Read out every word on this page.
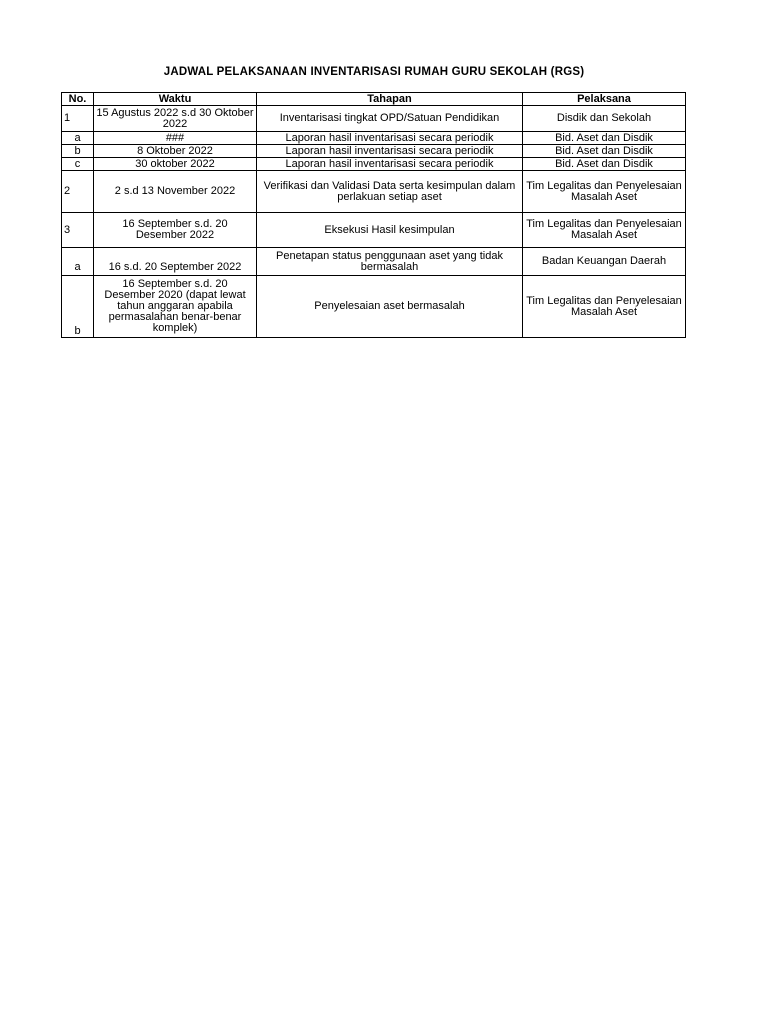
JADWAL PELAKSANAAN INVENTARISASI RUMAH GURU SEKOLAH (RGS)
No.	Waktu	Tahapan	Pelaksana
1	15 Agustus 2022 s.d 30 Oktober 2022	Inventarisasi tingkat OPD/Satuan Pendidikan	Disdik dan Sekolah
a	###	Laporan hasil inventarisasi secara periodik	Bid. Aset dan Disdik
b	8 Oktober 2022	Laporan hasil inventarisasi secara periodik	Bid. Aset dan Disdik
c	30 oktober 2022	Laporan hasil inventarisasi secara periodik	Bid. Aset dan Disdik
2	2 s.d 13 November 2022	Verifikasi dan Validasi Data serta kesimpulan dalam perlakuan setiap aset	Tim Legalitas dan Penyelesaian Masalah Aset
3	16 September s.d. 20 Desember 2022	Eksekusi Hasil kesimpulan	Tim Legalitas dan Penyelesaian Masalah Aset
a	16 s.d. 20 September 2022	Penetapan status penggunaan aset yang tidak bermasalah	Badan Keuangan Daerah
b	16 September s.d. 20 Desember 2020 (dapat lewat tahun anggaran apabila permasalahan benar-benar komplek)	Penyelesaian aset bermasalah	Tim Legalitas dan Penyelesaian Masalah Aset
